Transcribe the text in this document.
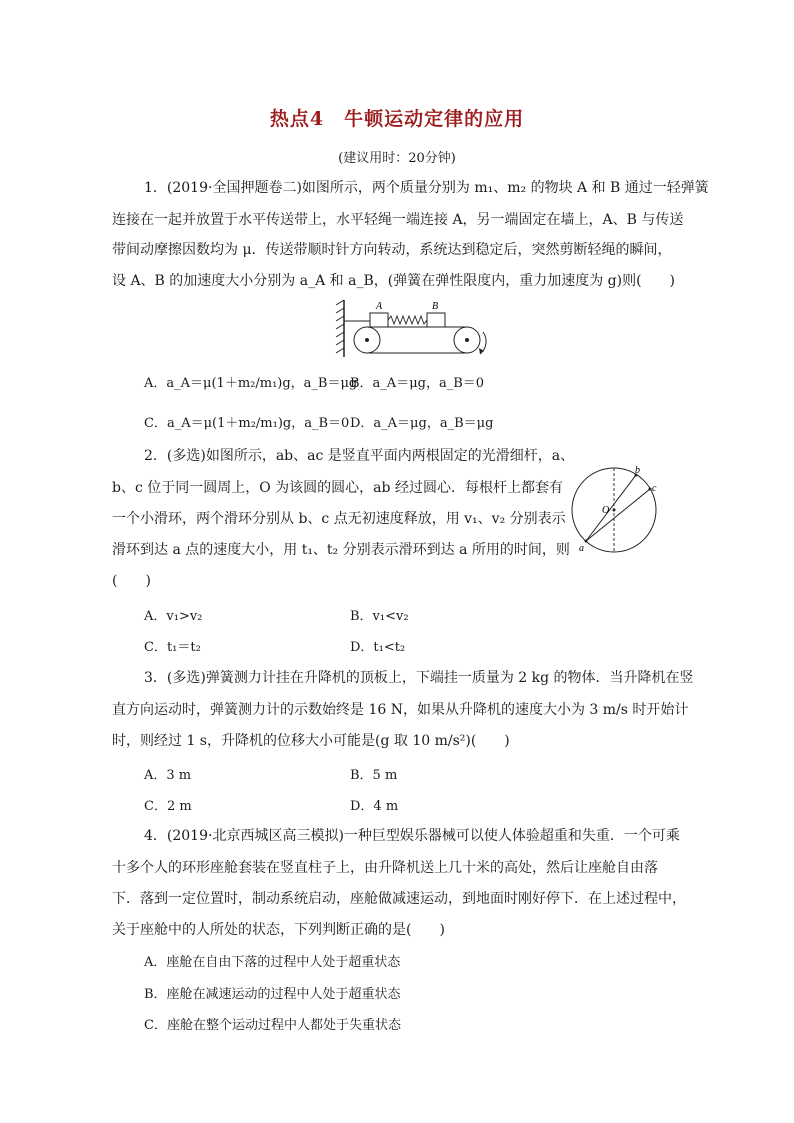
热点4　牛顿运动定律的应用
(建议用时：20分钟)
1．(2019·全国押题卷二)如图所示，两个质量分别为 m₁、m₂ 的物块 A 和 B 通过一轻弹簧
连接在一起并放置于水平传送带上，水平轻绳一端连接 A，另一端固定在墙上，A、B 与传送
带间动摩擦因数均为 μ．传送带顺时针方向转动，系统达到稳定后，突然剪断轻绳的瞬间，
设 A、B 的加速度大小分别为 a_A 和 a_B，(弹簧在弹性限度内，重力加速度为 g)则(　　)
A	B
A．a_A＝μ(1＋m₂/m₁)g，a_B＝μg
B．a_A＝μg，a_B＝0
C．a_A＝μ(1＋m₂/m₁)g，a_B＝0 D．a_A＝μg，a_B＝μg
2．(多选)如图所示，ab、ac 是竖直平面内两根固定的光滑细杆，a、
b、c 位于同一圆周上，O 为该圆的圆心，ab 经过圆心．每根杆上都套有
一个小滑环，两个滑环分别从 b、c 点无初速度释放，用 v₁、v₂ 分别表示
滑环到达 a 点的速度大小，用 t₁、t₂ 分别表示滑环到达 a 所用的时间，则
(　　)
O
b
c
a
A．v₁>v₂	B．v₁<v₂
C．t₁＝t₂	D．t₁<t₂
3．(多选)弹簧测力计挂在升降机的顶板上，下端挂一质量为 2 kg 的物体．当升降机在竖
直方向运动时，弹簧测力计的示数始终是 16 N，如果从升降机的速度大小为 3 m/s 时开始计
时，则经过 1 s，升降机的位移大小可能是(g 取 10 m/s²)(　　)
A．3 m	B．5 m
C．2 m	D．4 m
4．(2019·北京西城区高三模拟)一种巨型娱乐器械可以使人体验超重和失重．一个可乘
十多个人的环形座舱套装在竖直柱子上，由升降机送上几十米的高处，然后让座舱自由落
下．落到一定位置时，制动系统启动，座舱做减速运动，到地面时刚好停下．在上述过程中，
关于座舱中的人所处的状态，下列判断正确的是(　　)
A．座舱在自由下落的过程中人处于超重状态
B．座舱在减速运动的过程中人处于超重状态
C．座舱在整个运动过程中人都处于失重状态
